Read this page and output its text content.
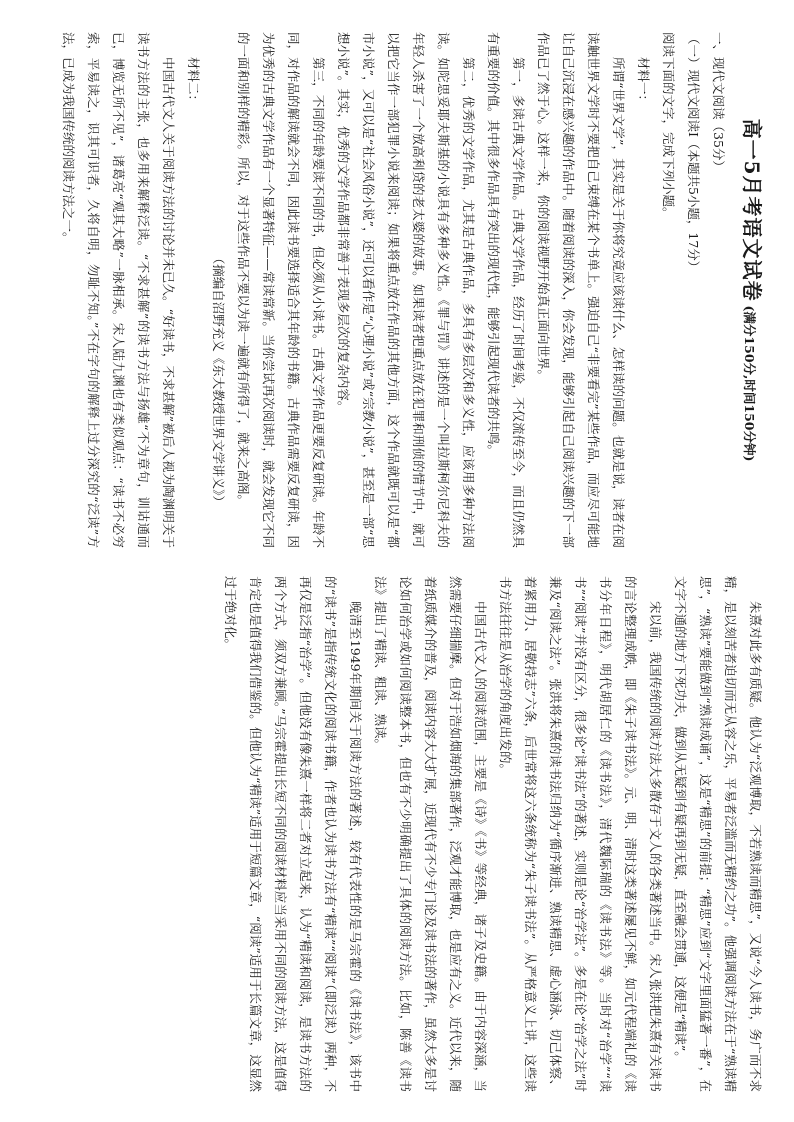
高一5月考语文试卷(满分150分,时间150分钟)

一、现代文阅读（35分）

（一）现代文阅读Ⅰ（本题共5小题，17分）

阅读下面的文字，完成下列小题。

材料一：

所谓“世界文学”，其实是关于你将究竟应该读什么、怎样读的问题。也就是说，读者在阅读触世界文学时不要把自己束缚在某个书单上。强迫自己“非要看完”某些作品，而应尽可能地让自己沉浸在感兴趣的作品中。随着阅读的深入，你会发现，能够引起自己阅读兴趣的下一部作品已了然于心。这样一来，你的阅读视野开始真正面向世界。

第一，多读古典文学作品。古典文学作品，经历了时间考验，不仅流传至今，而且仍然具有重要的价值。其中很多作品具有突出的现代性，能够引起现代读者的共鸣。

第二，优秀的文学作品，尤其是古典作品，多具有多层次和多义性，应该用多种方法阅读。如陀思妥耶夫斯基的小说具有多种多义性。《罪与罚》讲述的是一个叫拉斯柯尔尼科夫的年轻人杀害了一个放高利贷的老太婆的故事。如果读者把重点放在犯罪和刑侦的情节中，就可以把它当作一部犯罪小说来阅读；如果将重点放在作品的其他方面，这个作品就既可以是“都市小说”，又可以是“社会风俗小说”，还可以看作是“心理小说”或“宗教小说”，甚至是一部“思想小说”。其实，优秀的文学作品都非常善于表现多层次的复杂内容。

第三，不同的年龄要读不同的书，但必须从小读书。古典文学作品更要反复研读。年龄不同，对作品的解读就会不同，因此读书要选择适合其年龄的书籍。古典作品需要反复研读，因为优秀的古典文学作品有一个显著特征——常读常新。当你尝试再次阅读时，就会发现它不同的一面和别样的精彩。所以，对于这些作品不要以为读一遍就有所得了，就来之高阁。

（摘编自沼野充义《东大教授世界文学讲义》）

材料二：

中国古代文人关于阅读方法的讨论并未已久。“好读书，不求甚解”被后人视为陶渊明关于读书方法的主张，也多用来解释泛读。“不求甚解”的读书方法与扬雄“不为章句，训诂通而已，博览无所不见”，诸葛亮“观其大略”一脉相承。宋人陆九渊也有类似观点：“读书不必穷索，平易读之，识其可识者，久将自明，勿耻不知。”不在字句的解释上过分深究的“泛读”方法，已成为我国传统的阅读方法之一。

朱熹对此多有质疑。他认为“泛观博取，不若熟读而精思”，又说“今人读书，务广而不求精，是以刻苦者迫切而无从容之乐，平易者泛滥而无精约之功”。他强调阅读方法在于“熟读精思”，“熟读”要能做到“熟读成诵”，这是“精思”的前提；“精思”应到“文字里面猛著一番”，在文字不通的地方下死功夫，做到从无疑到有疑再到无疑，直至融会贯通，这便是“精读”。

宋以前，我国传统的阅读方法大多散存于文人的各类著述当中。宋人张洪把朱熹有关读书的言论整理成帙，即《朱子读书法》。元、明、清时这类著述屡见不鲜，如元代程端礼的《读书分年日程》，明代胡居仁的《读书法》，清代魏际瑞的《读书法》等。当时对“治学”“读书”“阅读”并没有区分，很多论“读书法”的著述，实则是论“治学法”。多是在论“治学之法”时兼及“阅读之法”。张洪将朱熹的读书法归纳为“循序渐进、熟读精思、虚心涵泳、切己体察、着紧用力、居敬持志”六条，后世常将这六条统称为“朱子读书法”。从严格意义上讲，这些读书方法往往是从治学的角度出发的。

中国古代文人的阅读范围，主要是《诗》《书》等经典，诸子及史籍。由于内容深涵，当然需要仔细揣摩。但对于浩如烟海的集部著作，泛观才能博取，也是应有之义。近代以来，随着纸质媒介的普及，阅读内容大大扩展，近现代有不少专门论及读书法的著作，虽然大多是讨论如何治学或如何阅读整本书，但也有不少明确提出了具体的阅读方法。比如，陈善《读书法》提出了精读、粗读、熟读。

晚清至1949年期间关于阅读方法的著述，较有代表性的是马宗霍的《读书法》，该书中的“读书”是指传统文化的阅读书籍，作者也认为读书方法有“精读”“阅读”（即泛读）两种，不再仅是泛指“治学”。但他没有像朱熹一样将二者对立起来，认为“精读和阅读，是读书方法的两个方式，须双方兼顾。”马宗霍提出长短不同的阅读材料应当采用不同的阅读方法，这是值得肯定也是值得我们借鉴的。但他认为“精读”适用于短篇文章，“阅读”适用于长篇文章，这显然过于绝对化。
